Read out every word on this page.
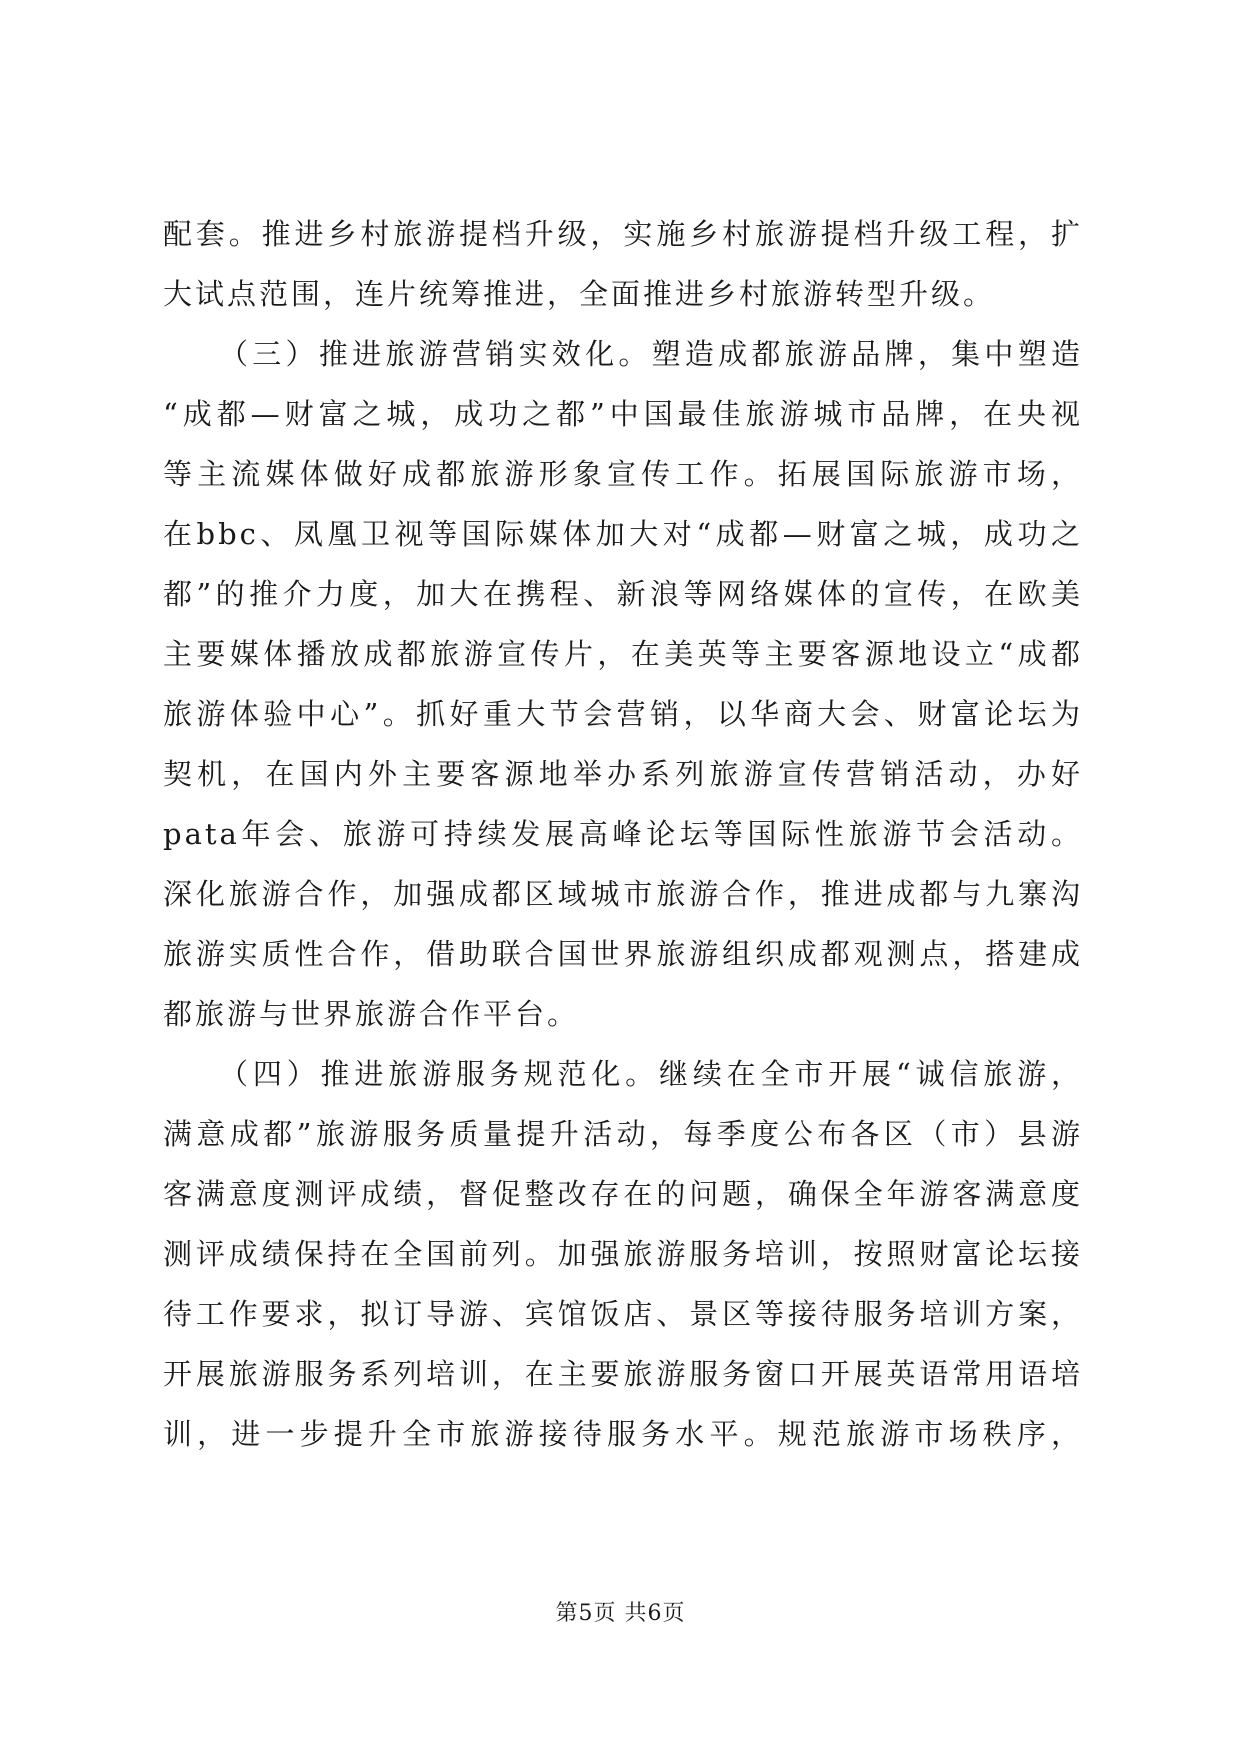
配套。推进乡村旅游提档升级，实施乡村旅游提档升级工程，扩
大试点范围，连片统筹推进，全面推进乡村旅游转型升级。
（三）推进旅游营销实效化。塑造成都旅游品牌，集中塑造
“成都—财富之城，成功之都”中国最佳旅游城市品牌，在央视
等主流媒体做好成都旅游形象宣传工作。拓展国际旅游市场，
在bbc、凤凰卫视等国际媒体加大对“成都—财富之城，成功之
都”的推介力度，加大在携程、新浪等网络媒体的宣传，在欧美
主要媒体播放成都旅游宣传片，在美英等主要客源地设立“成都
旅游体验中心”。抓好重大节会营销，以华商大会、财富论坛为
契机，在国内外主要客源地举办系列旅游宣传营销活动，办好
pata年会、旅游可持续发展高峰论坛等国际性旅游节会活动。
深化旅游合作，加强成都区域城市旅游合作，推进成都与九寨沟
旅游实质性合作，借助联合国世界旅游组织成都观测点，搭建成
都旅游与世界旅游合作平台。
（四）推进旅游服务规范化。继续在全市开展“诚信旅游，
满意成都”旅游服务质量提升活动，每季度公布各区（市）县游
客满意度测评成绩，督促整改存在的问题，确保全年游客满意度
测评成绩保持在全国前列。加强旅游服务培训，按照财富论坛接
待工作要求，拟订导游、宾馆饭店、景区等接待服务培训方案，
开展旅游服务系列培训，在主要旅游服务窗口开展英语常用语培
训，进一步提升全市旅游接待服务水平。规范旅游市场秩序，
第5页 共6页
